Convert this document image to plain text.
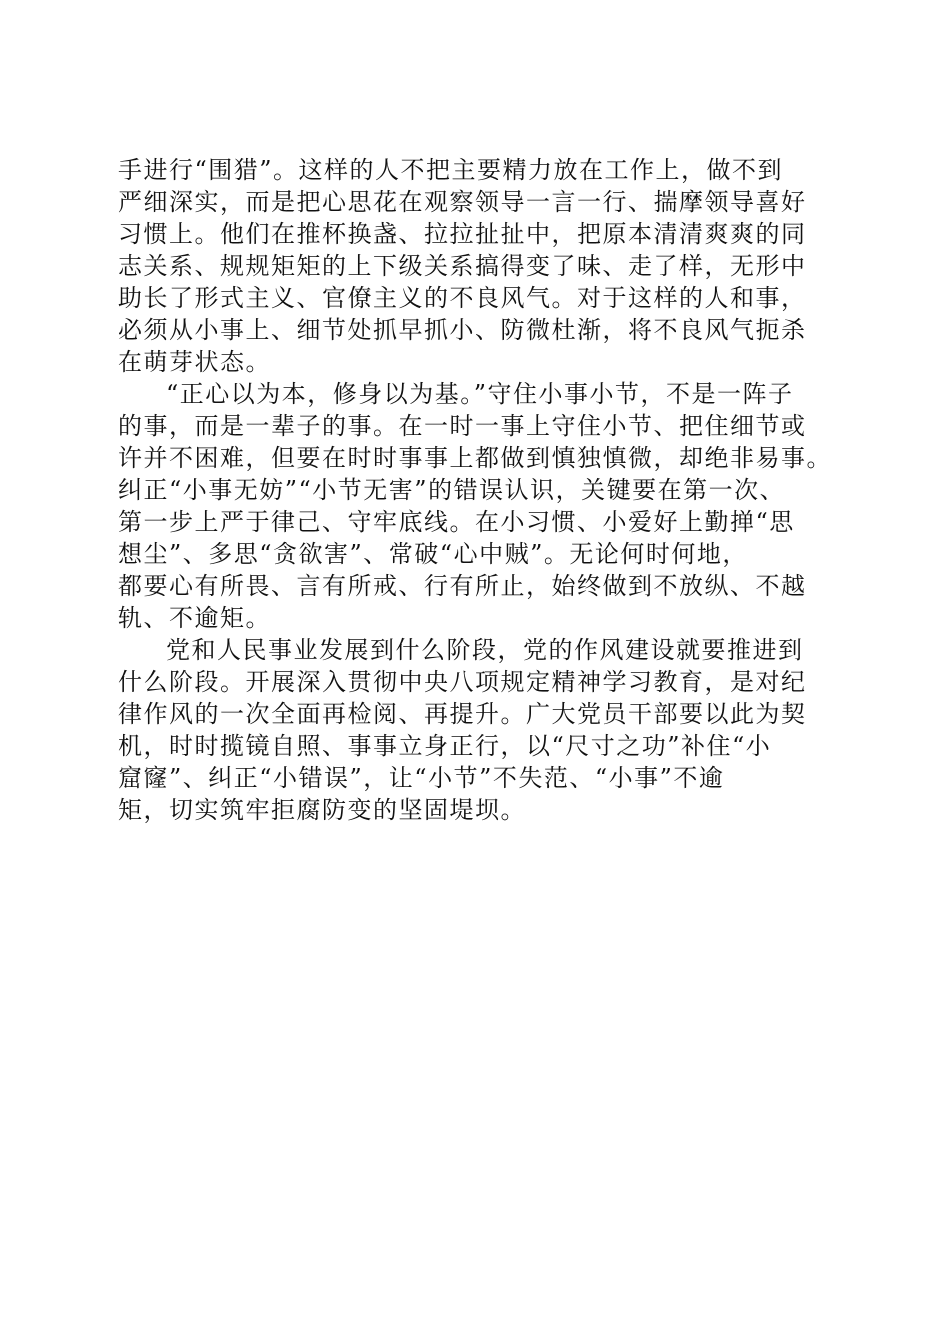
手进行“围猎”。这样的人不把主要精力放在工作上，做不到
严细深实，而是把心思花在观察领导一言一行、揣摩领导喜好
习惯上。他们在推杯换盏、拉拉扯扯中，把原本清清爽爽的同
志关系、规规矩矩的上下级关系搞得变了味、走了样，无形中
助长了形式主义、官僚主义的不良风气。对于这样的人和事，
必须从小事上、细节处抓早抓小、防微杜渐，将不良风气扼杀
在萌芽状态。
“正心以为本，修身以为基。”守住小事小节，不是一阵子
的事，而是一辈子的事。在一时一事上守住小节、把住细节或
许并不困难，但要在时时事事上都做到慎独慎微，却绝非易事。
纠正“小事无妨”“小节无害”的错误认识，关键要在第一次、
第一步上严于律己、守牢底线。在小习惯、小爱好上勤掸“思
想尘”、多思“贪欲害”、常破“心中贼”。无论何时何地，
都要心有所畏、言有所戒、行有所止，始终做到不放纵、不越
轨、不逾矩。
党和人民事业发展到什么阶段，党的作风建设就要推进到
什么阶段。开展深入贯彻中央八项规定精神学习教育，是对纪
律作风的一次全面再检阅、再提升。广大党员干部要以此为契
机，时时揽镜自照、事事立身正行，以“尺寸之功”补住“小
窟窿”、纠正“小错误”，让“小节”不失范、“小事”不逾
矩，切实筑牢拒腐防变的坚固堤坝。
